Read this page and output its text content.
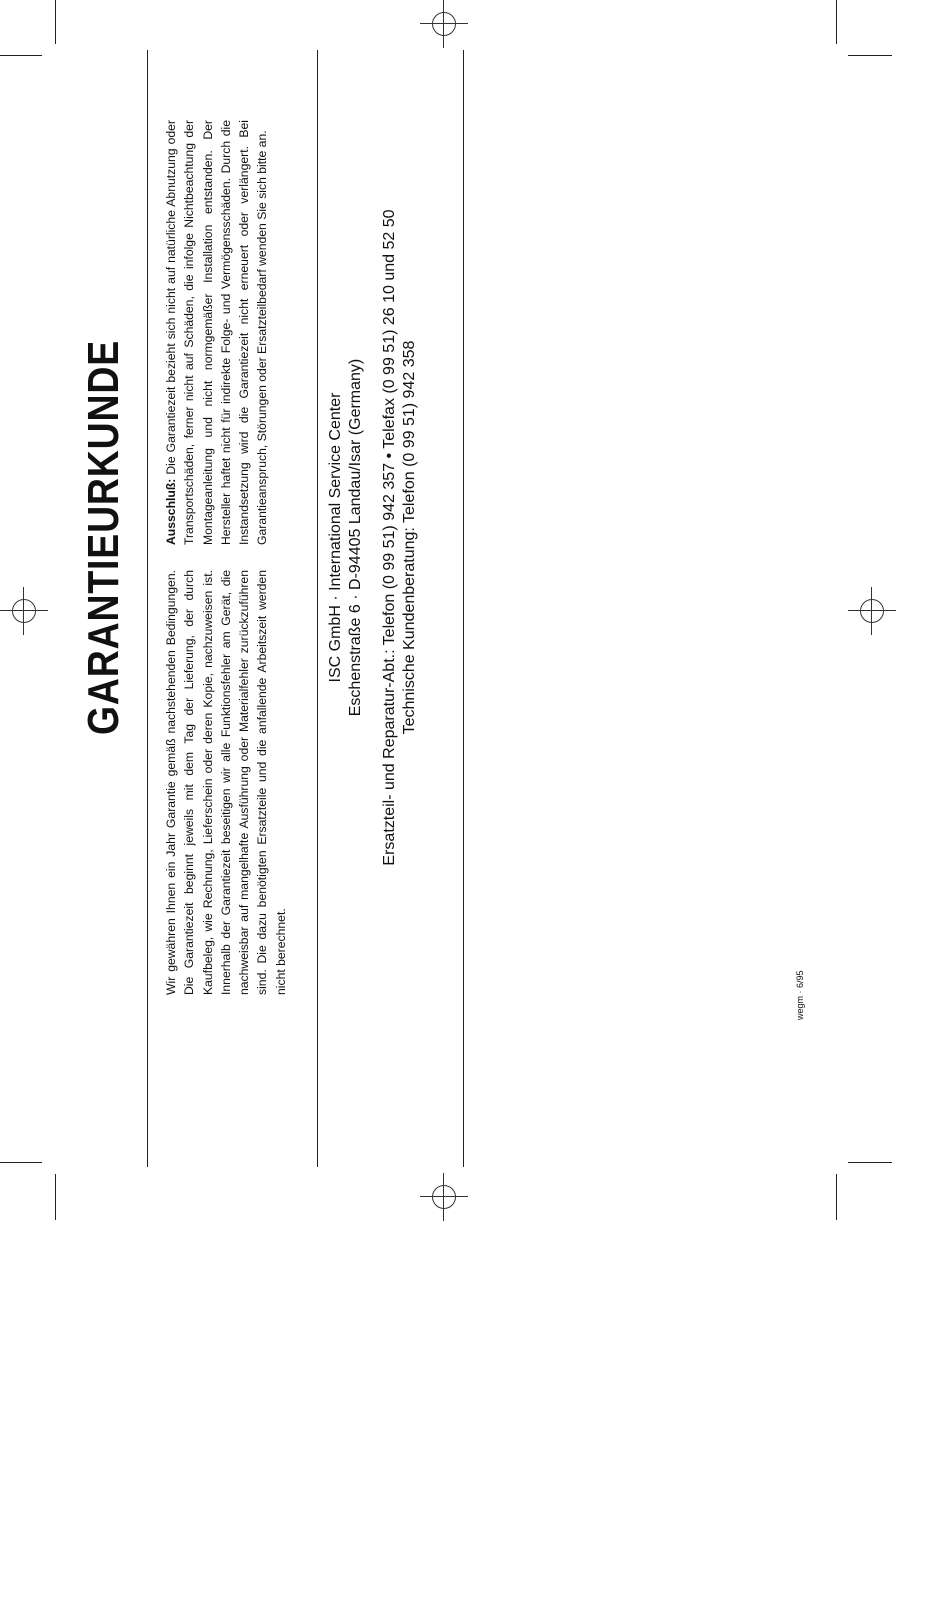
GARANTIEURKUNDE
Wir gewähren Ihnen ein Jahr Garantie gemäß nachstehenden Bedingungen. Die Garantiezeit beginnt jeweils mit dem Tag der Lieferung, der durch Kaufbeleg, wie Rechnung, Lieferschein oder deren Kopie, nachzuweisen ist. Innerhalb der Garantiezeit beseitigen wir alle Funktionsfehler am Gerät, die nachweisbar auf mangelhafte Ausführung oder Materialfehler zurückzuführen sind. Die dazu benötigten Ersatzteile und die anfallende Arbeitszeit werden nicht berechnet.
Ausschluß: Die Garantiezeit bezieht sich nicht auf natürliche Abnutzung oder Transportschäden, ferner nicht auf Schäden, die infolge Nichtbeachtung der Montageanleitung und nicht normgemäßer Installation entstanden. Der Hersteller haftet nicht für indirekte Folge- und Vermögensschäden. Durch die Instandsetzung wird die Garantiezeit nicht erneuert oder verlängert. Bei Garantieanspruch, Störungen oder Ersatzteilbedarf wenden Sie sich bitte an.	ISC GmbH · International Service Center Eschenstraße 6 · D-94405 Landau/Isar (Germany) Ersatzteil- und Reparatur-Abt.: Telefon (0 99 51) 942 357 • Telefax (0 99 51) 26 10 und 52 50 Technische Kundenberatung: Telefon (0 99 51) 942 358
wegm · 6/95
